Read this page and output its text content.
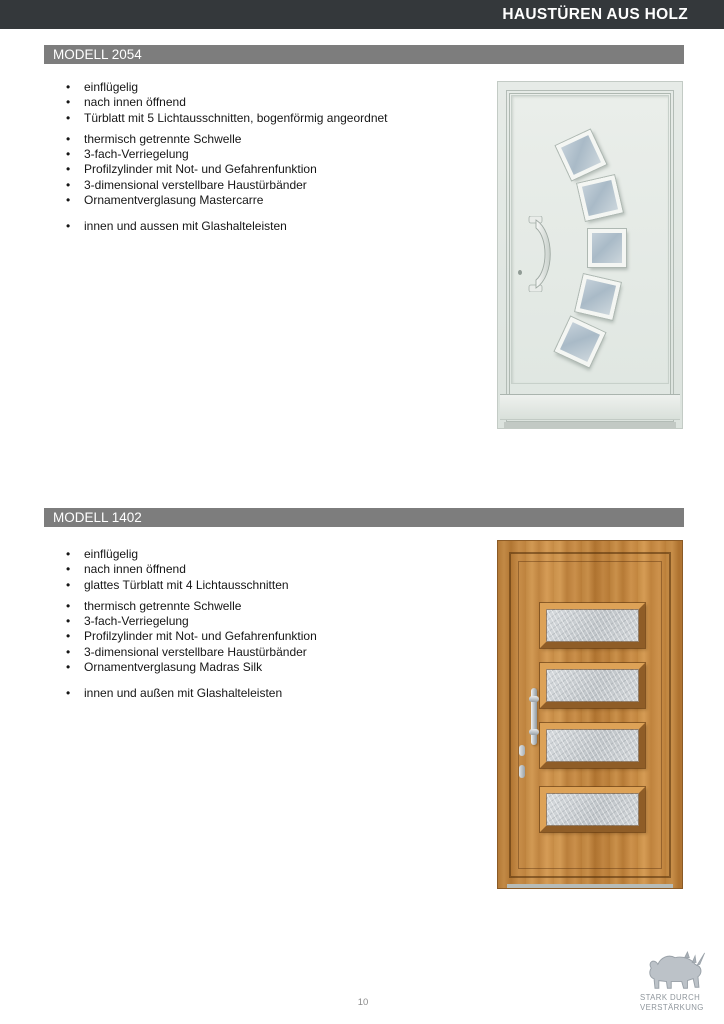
HAUSTÜREN AUS HOLZ
MODELL 2054
• einflügelig
• nach innen öffnend
• Türblatt mit 5 Lichtausschnitten, bogenförmig angeordnet
• thermisch getrennte Schwelle
• 3-fach-Verriegelung
• Profilzylinder mit Not- und Gefahrenfunktion
• 3-dimensional verstellbare Haustürbänder
• Ornamentverglasung Mastercarre
• innen und aussen mit Glashalteleisten
MODELL 1402
• einflügelig
• nach innen öffnend
• glattes Türblatt mit 4 Lichtausschnitten
• thermisch getrennte Schwelle
• 3-fach-Verriegelung
• Profilzylinder mit Not- und Gefahrenfunktion
• 3-dimensional verstellbare Haustürbänder
• Ornamentverglasung Madras Silk
• innen und außen mit Glashalteleisten
10	STARK DURCH
VERSTÄRKUNG
